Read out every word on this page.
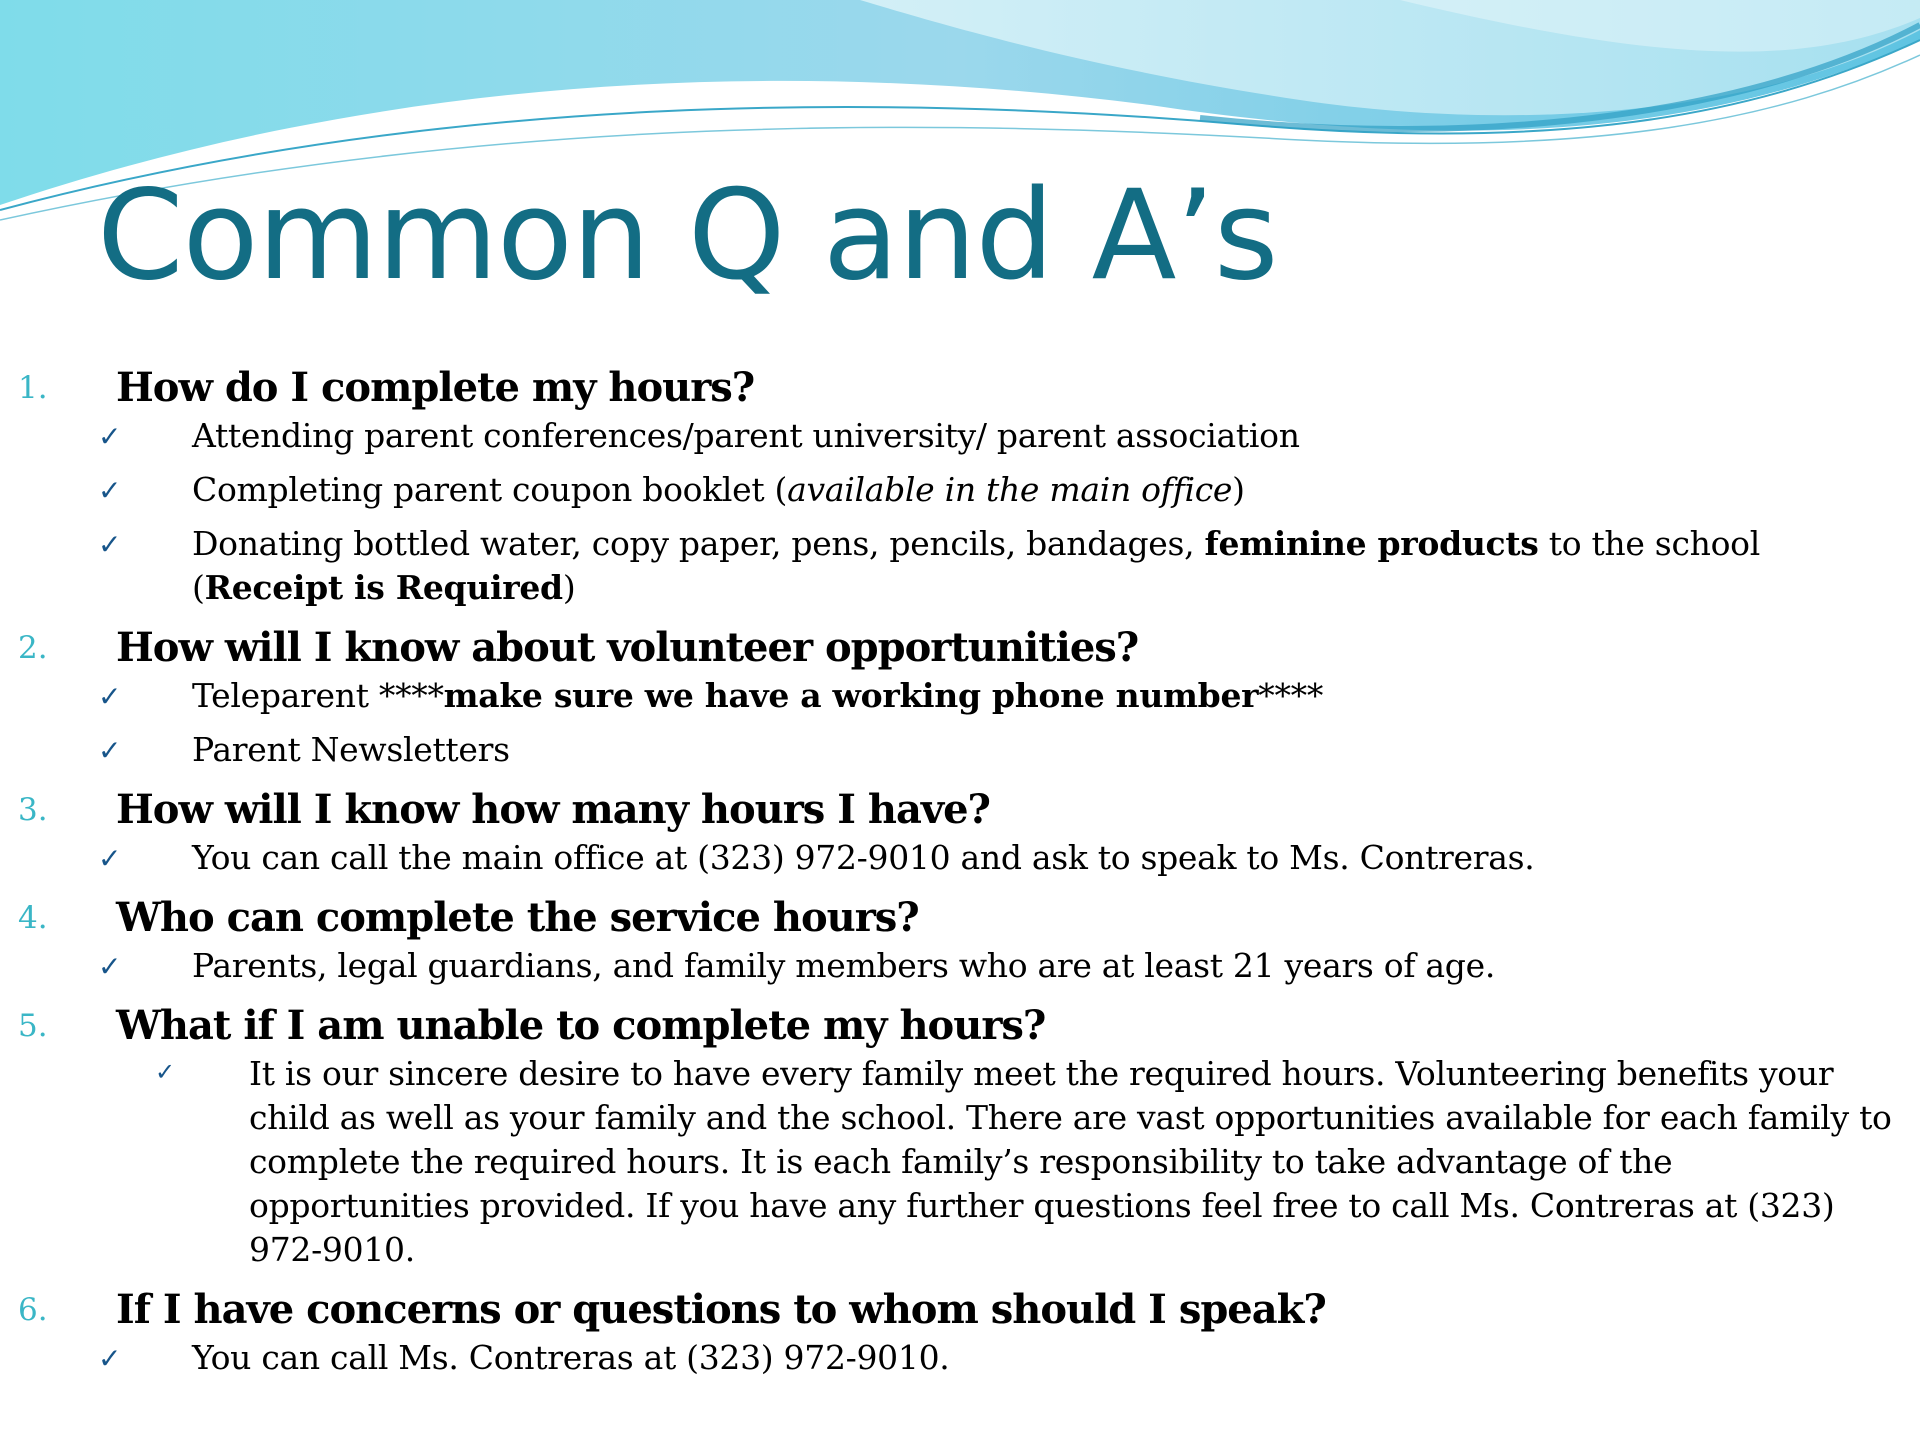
Common Q and A’s
1. How do I complete my hours?
✓ Attending parent conferences/parent university/ parent association
✓ Completing parent coupon booklet (available in the main office)
✓ Donating bottled water, copy paper, pens, pencils, bandages, feminine products to the school (Receipt is Required)
2. How will I know about volunteer opportunities?
✓ Teleparent ****make sure we have a working phone number****
✓ Parent Newsletters
3. How will I know how many hours I have?
✓ You can call the main office at (323) 972-9010 and ask to speak to Ms. Contreras.
4. Who can complete the service hours?
✓ Parents, legal guardians, and family members who are at least 21 years of age.
5. What if I am unable to complete my hours?
✓ It is our sincere desire to have every family meet the required hours. Volunteering benefits your child as well as your family and the school. There are vast opportunities available for each family to complete the required hours. It is each family’s responsibility to take advantage of the opportunities provided. If you have any further questions feel free to call Ms. Contreras at (323) 972-9010.
6. If I have concerns or questions to whom should I speak?
✓ You can call Ms. Contreras at (323) 972-9010.
